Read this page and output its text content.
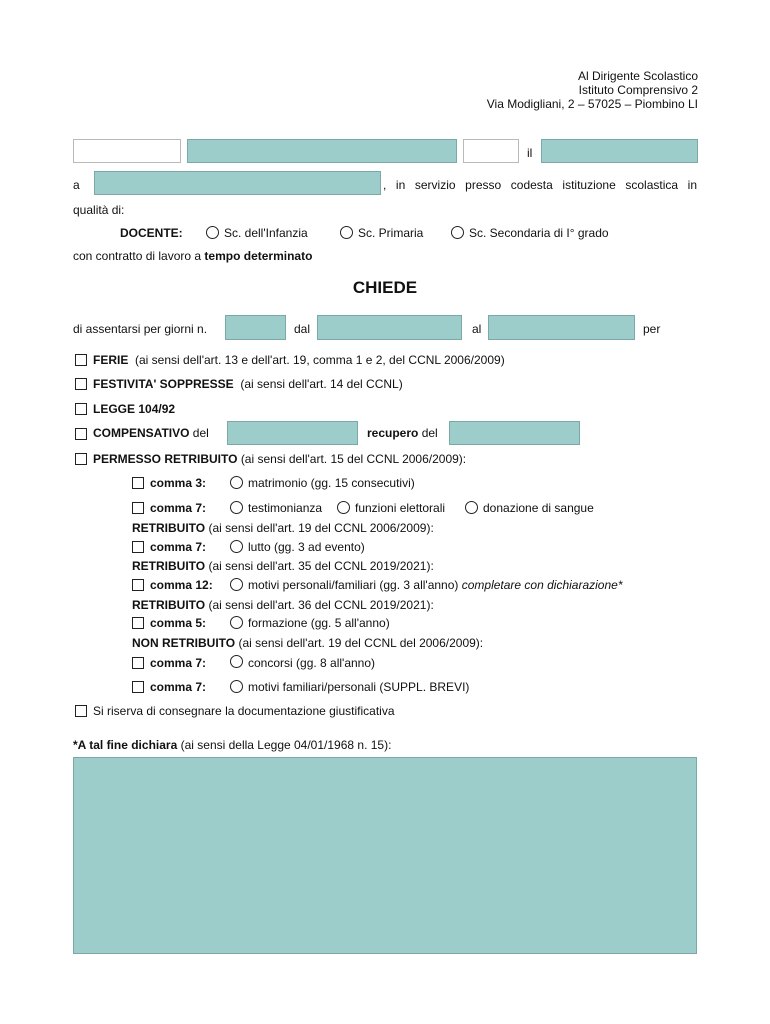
Al Dirigente Scolastico
Istituto Comprensivo 2
Via Modigliani, 2 – 57025 – Piombino LI
il
a	, in servizio presso codesta istituzione scolastica in
qualità di:
DOCENTE:	Sc. dell'Infanzia	Sc. Primaria	Sc. Secondaria di I° grado
con contratto di lavoro a tempo determinato
CHIEDE
di assentarsi per giorni n.	dal	al	per
FERIE (ai sensi dell'art. 13 e dell'art. 19, comma 1 e 2, del CCNL 2006/2009)
FESTIVITA' SOPPRESSE (ai sensi dell'art. 14 del CCNL)
LEGGE 104/92
COMPENSATIVO del	recupero del
PERMESSO RETRIBUITO (ai sensi dell'art. 15 del CCNL 2006/2009):
comma 3:	matrimonio (gg. 15 consecutivi)
comma 7:	testimonianza	funzioni elettorali	donazione di sangue
RETRIBUITO (ai sensi dell'art. 19 del CCNL 2006/2009):
comma 7:	lutto (gg. 3 ad evento)
RETRIBUITO (ai sensi dell'art. 35 del CCNL 2019/2021):
comma 12:	motivi personali/familiari (gg. 3 all'anno) completare con dichiarazione*
RETRIBUITO (ai sensi dell'art. 36 del CCNL 2019/2021):
comma 5:	formazione (gg. 5 all'anno)
NON RETRIBUITO (ai sensi dell'art. 19 del CCNL del 2006/2009):
comma 7:	concorsi (gg. 8 all'anno)
comma 7:	motivi familiari/personali (SUPPL. BREVI)
Si riserva di consegnare la documentazione giustificativa
*A tal fine dichiara (ai sensi della Legge 04/01/1968 n. 15):
